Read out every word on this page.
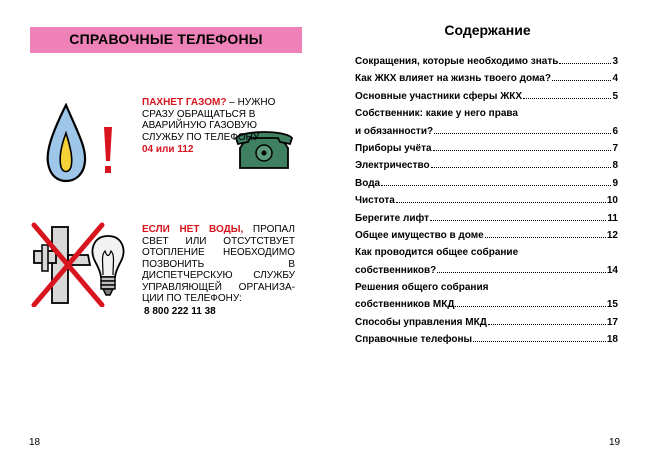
СПРАВОЧНЫЕ ТЕЛЕФОНЫ
ПАХНЕТ ГАЗОМ? – НУЖНО СРАЗУ ОБРАЩАТЬСЯ В АВАРИЙНУЮ ГАЗОВУЮ СЛУЖБУ ПО ТЕЛЕФОНУ
04 или 112
ЕСЛИ НЕТ ВОДЫ, ПРОПАЛ СВЕТ ИЛИ ОТСУТСТВУЕТ ОТОПЛЕНИЕ НЕОБХОДИМО ПОЗВОНИТЬ В ДИСПЕТЧЕРСКУЮ СЛУЖБУ УПРАВЛЯЮЩЕЙ ОРГАНИЗАЦИИ ПО ТЕЛЕФОНУ:
8 800 222 11 38
18
Содержание
Сокращения, которые необходимо знать	3
Как ЖКХ влияет на жизнь твоего дома?	4
Основные участники сферы ЖКХ	5
Собственник: какие у него права
и обязанности?	6
Приборы учёта	7
Электричество	8
Вода	9
Чистота	10
Берегите лифт	11
Общее имущество в доме	12
Как проводится общее собрание
собственников?	14
Решения общего собрания
собственников МКД	15
Способы управления МКД	17
Справочные телефоны	18
19
